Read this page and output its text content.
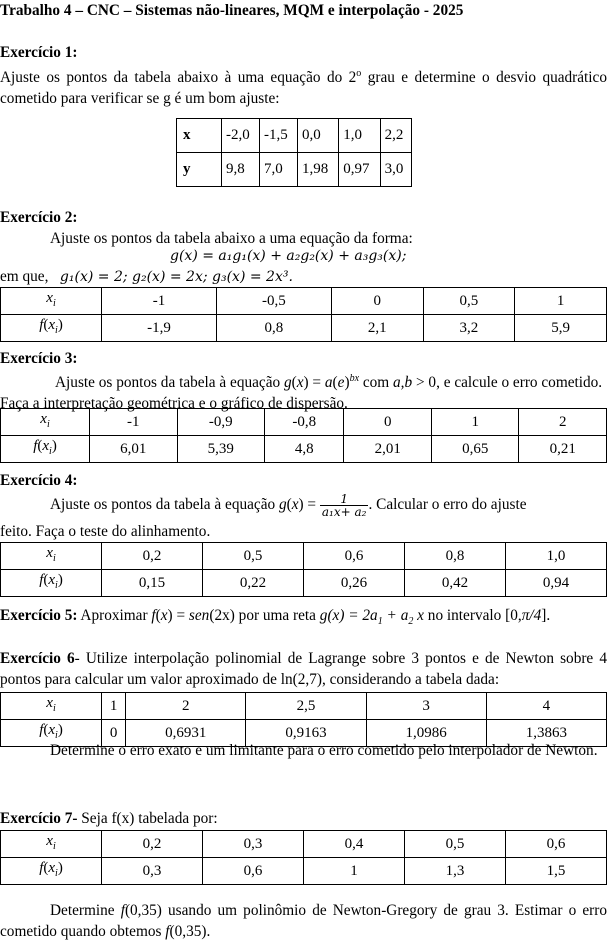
Trabalho 4 – CNC – Sistemas não-lineares, MQM e interpolação - 2025
Exercício 1:
Ajuste os pontos da tabela abaixo à uma equação do 2$^o$ grau e determine o desvio quadrático cometido para verificar se g é um bom ajuste:
x	-2,0	-1,5	0,0	1,0	2,2
y	9,8	7,0	1,98	0,97	3,0
Exercício 2:
Ajuste os pontos da tabela abaixo a uma equação da forma:
g(x) = a₁g₁(x) + a₂g₂(x) + a₃g₃(x);
em que, g₁(x) = 2; g₂(x) = 2x; g₃(x) = 2x³.
$x_i$	-1	-0,5	0	0,5	1
$f(x_i)$	-1,9	0,8	2,1	3,2	5,9
Exercício 3:
Ajuste os pontos da tabela à equação $g(x) = a(e)^{bx}$ com a,b > 0, e calcule o erro cometido. Faça a interpretação geométrica e o gráfico de dispersão.
$x_i$	-1	-0,9	-0,8	0	1	2
$f(x_i)$	6,01	5,39	4,8	2,01	0,65	0,21
Exercício 4:
Ajuste os pontos da tabela à equação $g(x) = \frac{1}{\text{a₁x+ a₂}}$ . Calcular o erro do ajuste
feito. Faça o teste do alinhamento.
$x_i$	0,2	0,5	0,6	0,8	1,0
$f(x_i)$	0,15	0,22	0,26	0,42	0,94
Exercício 5: Aproximar f(x) = sen(2x) por uma reta $g(x) = 2a_1 + a_2$ x no intervalo [0,π/4].
Exercício 6- Utilize interpolação polinomial de Lagrange sobre 3 pontos e de Newton sobre 4 pontos para calcular um valor aproximado de ln(2,7), considerando a tabela dada:
$x_i$	1	2	2,5	3	4
$f(x_i)$	0	0,6931	0,9163	1,0986	1,3863
Determine o erro exato e um limitante para o erro cometido pelo interpolador de Newton.
Exercício 7- Seja f(x) tabelada por:
$x_i$	0,2	0,3	0,4	0,5	0,6
$f(x_i)$	0,3	0,6	1	1,3	1,5
Determine f(0,35) usando um polinômio de Newton-Gregory de grau 3. Estimar o erro cometido quando obtemos f(0,35).
